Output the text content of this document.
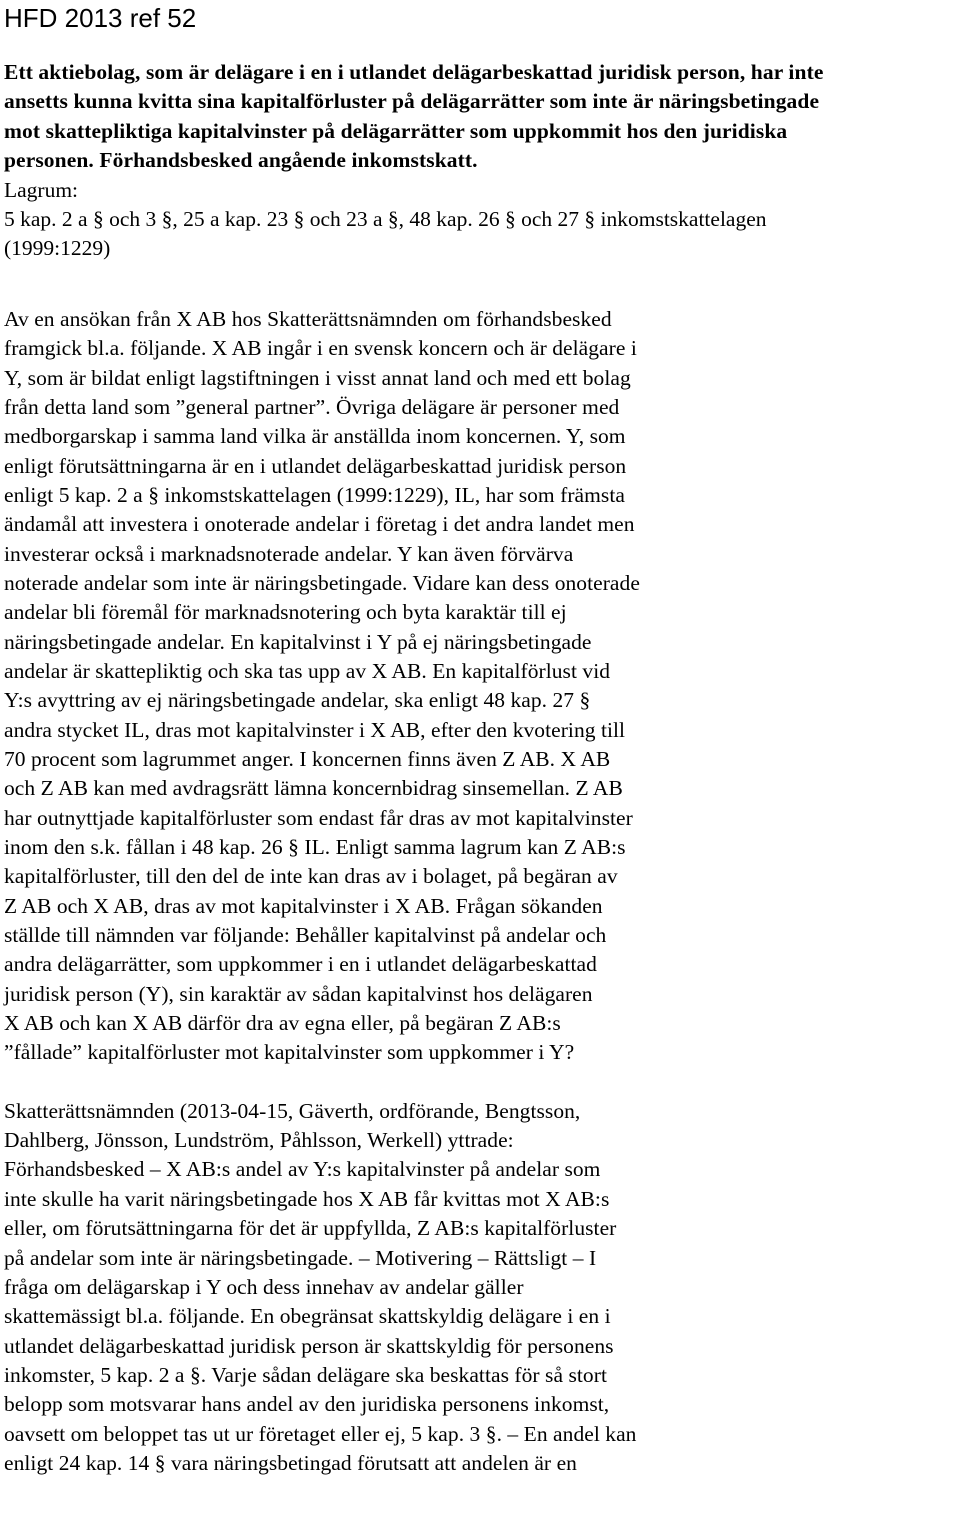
HFD 2013 ref 52
Ett aktiebolag, som är delägare i en i utlandet delägarbeskattad juridisk person, har inte
ansetts kunna kvitta sina kapitalförluster på delägarrätter som inte är näringsbetingade
mot skattepliktiga kapitalvinster på delägarrätter som uppkommit hos den juridiska
personen. Förhandsbesked angående inkomstskatt.
Lagrum:
5 kap. 2 a § och 3 §, 25 a kap. 23 § och 23 a §, 48 kap. 26 § och 27 § inkomstskattelagen
(1999:1229)
Av en ansökan från X AB hos Skatterättsnämnden om förhandsbesked
framgick bl.a. följande. X AB ingår i en svensk koncern och är delägare i
Y, som är bildat enligt lagstiftningen i visst annat land och med ett bolag
från detta land som ”general partner”. Övriga delägare är personer med
medborgarskap i samma land vilka är anställda inom koncernen. Y, som
enligt förutsättningarna är en i utlandet delägarbeskattad juridisk person
enligt 5 kap. 2 a § inkomstskattelagen (1999:1229), IL, har som främsta
ändamål att investera i onoterade andelar i företag i det andra landet men
investerar också i marknadsnoterade andelar. Y kan även förvärva
noterade andelar som inte är näringsbetingade. Vidare kan dess onoterade
andelar bli föremål för marknadsnotering och byta karaktär till ej
näringsbetingade andelar. En kapitalvinst i Y på ej näringsbetingade
andelar är skattepliktig och ska tas upp av X AB. En kapitalförlust vid
Y:s avyttring av ej näringsbetingade andelar, ska enligt 48 kap. 27 §
andra stycket IL, dras mot kapitalvinster i X AB, efter den kvotering till
70 procent som lagrummet anger. I koncernen finns även Z AB. X AB
och Z AB kan med avdragsrätt lämna koncernbidrag sinsemellan. Z AB
har outnyttjade kapitalförluster som endast får dras av mot kapitalvinster
inom den s.k. fållan i 48 kap. 26 § IL. Enligt samma lagrum kan Z AB:s
kapitalförluster, till den del de inte kan dras av i bolaget, på begäran av
Z AB och X AB, dras av mot kapitalvinster i X AB. Frågan sökanden
ställde till nämnden var följande: Behåller kapitalvinst på andelar och
andra delägarrätter, som uppkommer i en i utlandet delägarbeskattad
juridisk person (Y), sin karaktär av sådan kapitalvinst hos delägaren
X AB och kan X AB därför dra av egna eller, på begäran Z AB:s
”fållade” kapitalförluster mot kapitalvinster som uppkommer i Y?
Skatterättsnämnden (2013-04-15, Gäverth, ordförande, Bengtsson,
Dahlberg, Jönsson, Lundström, Påhlsson, Werkell) yttrade:
Förhandsbesked – X AB:s andel av Y:s kapitalvinster på andelar som
inte skulle ha varit näringsbetingade hos X AB får kvittas mot X AB:s
eller, om förutsättningarna för det är uppfyllda, Z AB:s kapitalförluster
på andelar som inte är näringsbetingade. – Motivering – Rättsligt – I
fråga om delägarskap i Y och dess innehav av andelar gäller
skattemässigt bl.a. följande. En obegränsat skattskyldig delägare i en i
utlandet delägarbeskattad juridisk person är skattskyldig för personens
inkomster, 5 kap. 2 a §. Varje sådan delägare ska beskattas för så stort
belopp som motsvarar hans andel av den juridiska personens inkomst,
oavsett om beloppet tas ut ur företaget eller ej, 5 kap. 3 §. – En andel kan
enligt 24 kap. 14 § vara näringsbetingad förutsatt att andelen är en
